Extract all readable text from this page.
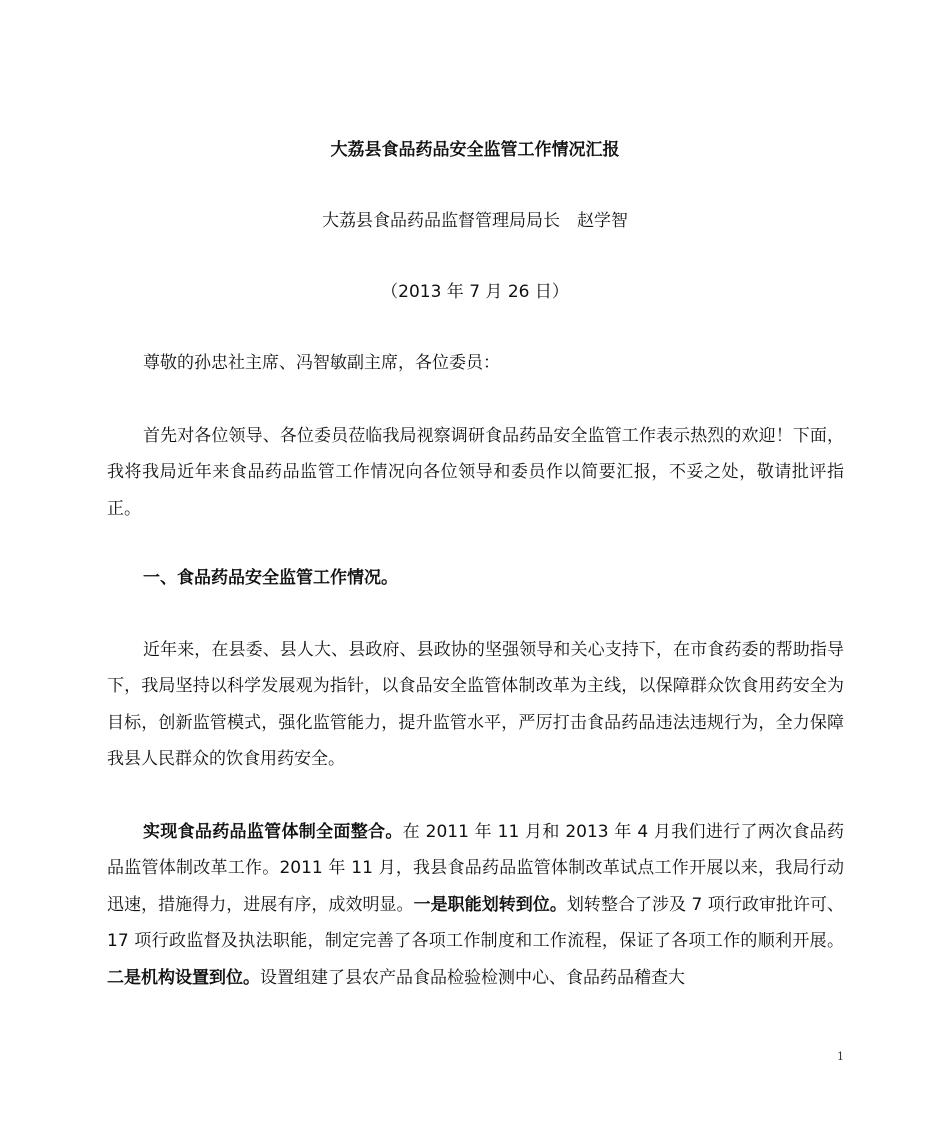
大荔县食品药品安全监管工作情况汇报
大荔县食品药品监督管理局局长　赵学智
（2013 年 7 月 26 日）
尊敬的孙忠社主席、冯智敏副主席，各位委员：

首先对各位领导、各位委员莅临我局视察调研食品药品安全监管工作表示热烈的欢迎！下面，我将我局近年来食品药品监管工作情况向各位领导和委员作以简要汇报，不妥之处，敬请批评指正。

一、食品药品安全监管工作情况。

近年来，在县委、县人大、县政府、县政协的坚强领导和关心支持下，在市食药委的帮助指导下，我局坚持以科学发展观为指针，以食品安全监管体制改革为主线，以保障群众饮食用药安全为目标，创新监管模式，强化监管能力，提升监管水平，严厉打击食品药品违法违规行为，全力保障我县人民群众的饮食用药安全。

实现食品药品监管体制全面整合。在 2011 年 11 月和 2013 年 4 月我们进行了两次食品药品监管体制改革工作。2011 年 11 月，我县食品药品监管体制改革试点工作开展以来，我局行动迅速，措施得力，进展有序，成效明显。一是职能划转到位。划转整合了涉及 7 项行政审批许可、17 项行政监督及执法职能，制定完善了各项工作制度和工作流程，保证了各项工作的顺利开展。二是机构设置到位。设置组建了县农产品食品检验检测中心、食品药品稽查大

1
